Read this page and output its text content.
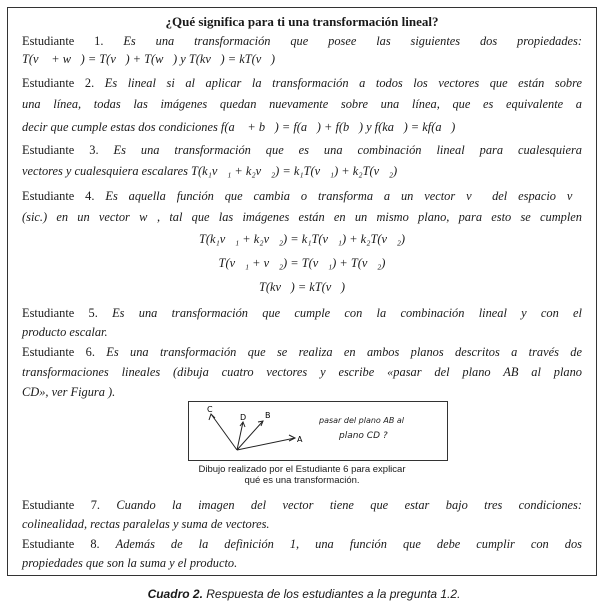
¿Qué significa para ti una transformación lineal?
Estudiante 1. Es una transformación que posee las siguientes dos propiedades:
T(v⃗ + w⃗) = T(v⃗) + T(w⃗) y T(kv⃗) = kT(v⃗)
Estudiante 2. Es lineal si al aplicar la transformación a todos los vectores que están sobre
una línea, todas las imágenes quedan nuevamente sobre una línea, que es equivalente a
decir que cumple estas dos condiciones f(a⃗ + b⃗) = f(a⃗) + f(b⃗) y f(ka⃗) = kf(a⃗)
Estudiante 3. Es una transformación que es una combinación lineal para cualesquiera
vectores y cualesquiera escalares T(k₁v⃗₁ + k₂v⃗₂) = k₁T(v⃗₁) + k₂T(v⃗₂)
Estudiante 4. Es aquella función que cambia o transforma a un vector v⃗ del espacio v⃗
(sic.) en un vector w⃗, tal que las imágenes están en un mismo plano, para esto se cumplen
T(k₁v⃗₁ + k₂v⃗₂) = k₁T(v⃗₁) + k₂T(v⃗₂)
T(v⃗₁ + v⃗₂) = T(v⃗₁) + T(v⃗₂)
T(kv⃗) = kT(v⃗)
Estudiante 5. Es una transformación que cumple con la combinación lineal y con el
producto escalar.
Estudiante 6. Es una transformación que se realiza en ambos planos descritos a través de
transformaciones lineales (dibuja cuatro vectores y escribe «pasar del plano AB al plano
CD», ver Figura ).
C
D B
A
pasar del plano AB al
plano CD ?
Dibujo realizado por el Estudiante 6 para explicar
qué es una transformación.
Estudiante 7. Cuando la imagen del vector tiene que estar bajo tres condiciones:
colinealidad, rectas paralelas y suma de vectores.
Estudiante 8. Además de la definición 1, una función que debe cumplir con dos
propiedades que son la suma y el producto.
Cuadro 2. Respuesta de los estudiantes a la pregunta 1.2.
